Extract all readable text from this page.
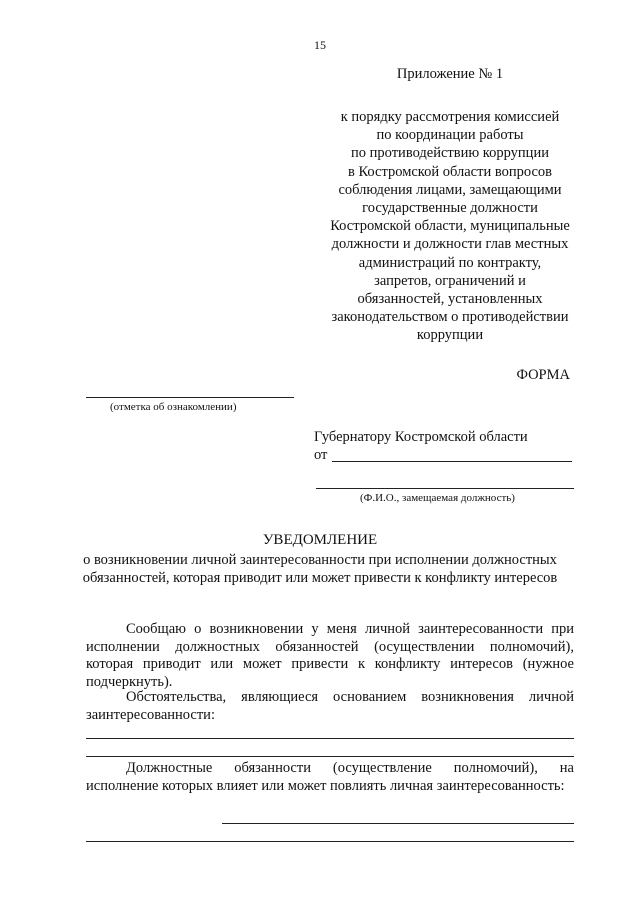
15
Приложение № 1
к порядку рассмотрения комиссией
по координации работы
по противодействию коррупции
в Костромской области вопросов
соблюдения лицами, замещающими
государственные должности
Костромской области, муниципальные
должности и должности глав местных
администраций по контракту,
запретов, ограничений и
обязанностей, установленных
законодательством о противодействии
коррупции
ФОРМА
(отметка об ознакомлении)
Губернатору Костромской области
от
(Ф.И.О., замещаемая должность)
УВЕДОМЛЕНИЕ
о возникновении личной заинтересованности при исполнении должностных обязанностей, которая приводит или может привести к конфликту интересов
Сообщаю о возникновении у меня личной заинтересованности при исполнении должностных обязанностей (осуществлении полномочий), которая приводит или может привести к конфликту интересов (нужное подчеркнуть).
Обстоятельства, являющиеся основанием возникновения личной заинтересованности:
Должностные обязанности (осуществление полномочий), на исполнение которых влияет или может повлиять личная заинтересованность:
